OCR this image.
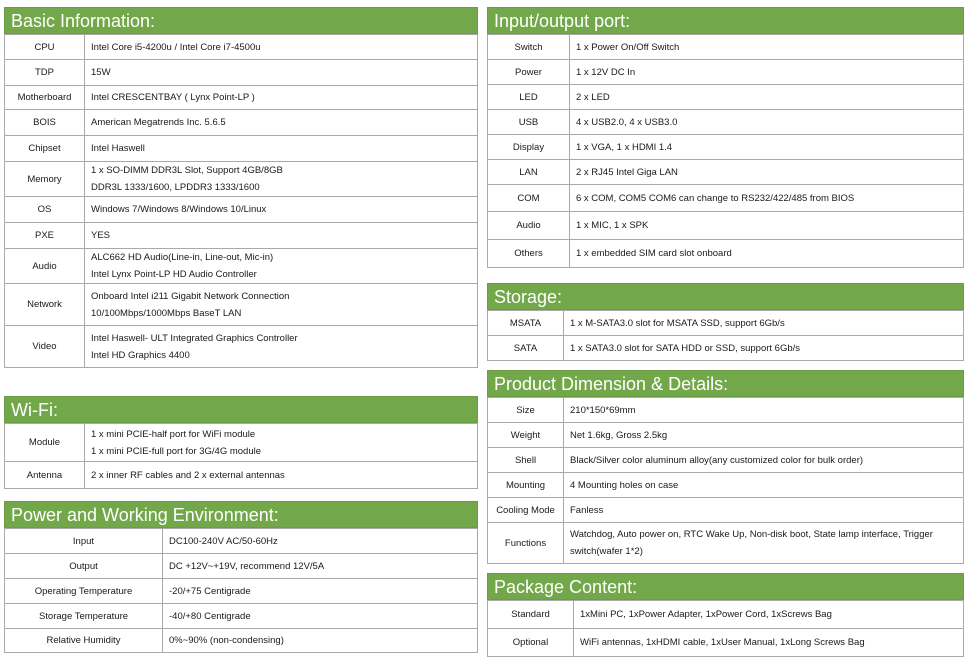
Basic Information:
CPU	Intel Core i5-4200u / Intel Core i7-4500u

TDP	15W

Motherboard	Intel CRESCENTBAY ( Lynx Point-LP )

BOIS	American Megatrends Inc. 5.6.5

Chipset	Intel Haswell

Memory	1 x SO-DIMM DDR3L Slot, Support 4GB/8GB
DDR3L 1333/1600, LPDDR3 1333/1600

OS	Windows 7/Windows 8/Windows 10/Linux

PXE	YES

Audio	ALC662 HD Audio(Line-in, Line-out, Mic-in)
Intel Lynx Point-LP HD Audio Controller

Network	Onboard Intel i211 Gigabit Network Connection
10/100Mbps/1000Mbps BaseT LAN

Video	Intel Haswell- ULT Integrated Graphics Controller
Intel HD Graphics 4400
Wi-Fi:
Module	1 x mini PCIE-half port for WiFi module
1 x mini PCIE-full port for 3G/4G module

Antenna	2 x inner RF cables and 2 x external antennas
Power and Working Environment:
Input	DC100-240V AC/50-60Hz

Output	DC +12V~+19V, recommend 12V/5A

Operating Temperature	-20/+75 Centigrade

Storage Temperature	-40/+80 Centigrade

Relative Humidity	0%~90% (non-condensing)
Input/output port:
Switch	1 x Power On/Off Switch

Power	1 x 12V DC In

LED	2 x LED

USB	4 x USB2.0, 4 x USB3.0

Display	1 x VGA, 1 x HDMI 1.4

LAN	2 x RJ45 Intel Giga LAN

COM	6 x COM, COM5 COM6 can change to RS232/422/485 from BIOS

Audio	1 x MIC, 1 x SPK

Others	1 x embedded SIM card slot onboard
Storage:
MSATA	1 x M-SATA3.0 slot for MSATA SSD, support 6Gb/s

SATA	1 x SATA3.0 slot for SATA HDD or SSD, support 6Gb/s
Product Dimension & Details:
Size	210*150*69mm

Weight	Net 1.6kg, Gross 2.5kg

Shell	Black/Silver color aluminum alloy(any customized color for bulk order)

Mounting	4 Mounting holes on case

Cooling Mode	Fanless

Functions	Watchdog, Auto power on, RTC Wake Up, Non-disk boot, State lamp interface, Trigger
switch(wafer 1*2)
Package Content:
Standard	1xMini PC, 1xPower Adapter, 1xPower Cord, 1xScrews Bag

Optional	WiFi antennas, 1xHDMI cable, 1xUser Manual, 1xLong Screws Bag
